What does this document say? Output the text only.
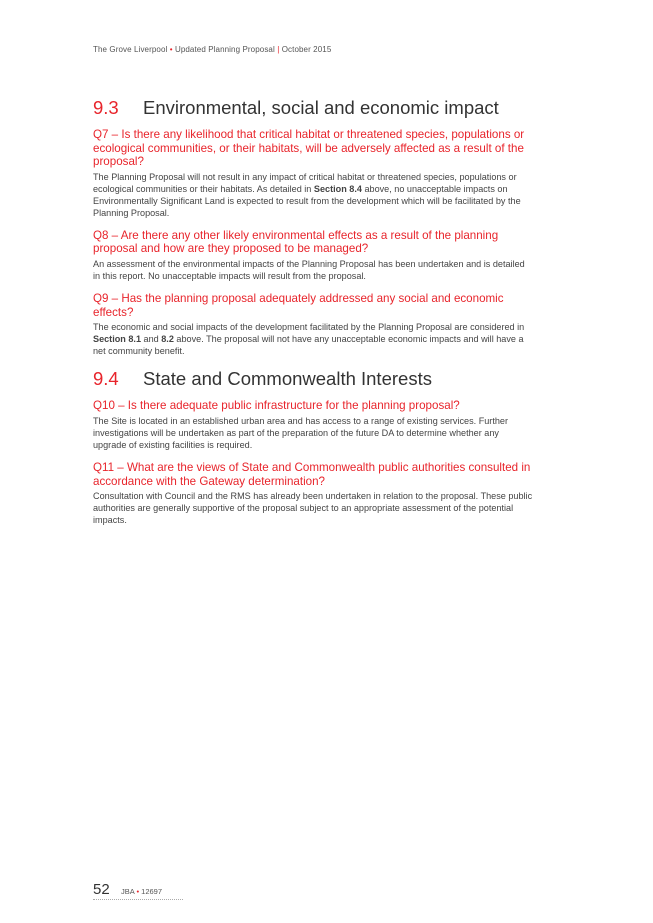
The Grove Liverpool • Updated Planning Proposal | October 2015
9.3	Environmental, social and economic impact
Q7 – Is there any likelihood that critical habitat or threatened species, populations or ecological communities, or their habitats, will be adversely affected as a result of the proposal?

The Planning Proposal will not result in any impact of critical habitat or threatened species, populations or ecological communities or their habitats. As detailed in Section 8.4 above, no unacceptable impacts on Environmentally Significant Land is expected to result from the development which will be facilitated by the Planning Proposal.

Q8 – Are there any other likely environmental effects as a result of the planning proposal and how are they proposed to be managed?

An assessment of the environmental impacts of the Planning Proposal has been undertaken and is detailed in this report. No unacceptable impacts will result from the proposal.

Q9 – Has the planning proposal adequately addressed any social and economic effects?

The economic and social impacts of the development facilitated by the Planning Proposal are considered in Section 8.1 and 8.2 above. The proposal will not have any unacceptable economic impacts and will have a net community benefit.

9.4	State and Commonwealth Interests
Q10 – Is there adequate public infrastructure for the planning proposal?

The Site is located in an established urban area and has access to a range of existing services. Further investigations will be undertaken as part of the preparation of the future DA to determine whether any upgrade of existing facilities is required.

Q11 – What are the views of State and Commonwealth public authorities consulted in accordance with the Gateway determination?

Consultation with Council and the RMS has already been undertaken in relation to the proposal. These public authorities are generally supportive of the proposal subject to an appropriate assessment of the potential impacts.

52	JBA • 12697
